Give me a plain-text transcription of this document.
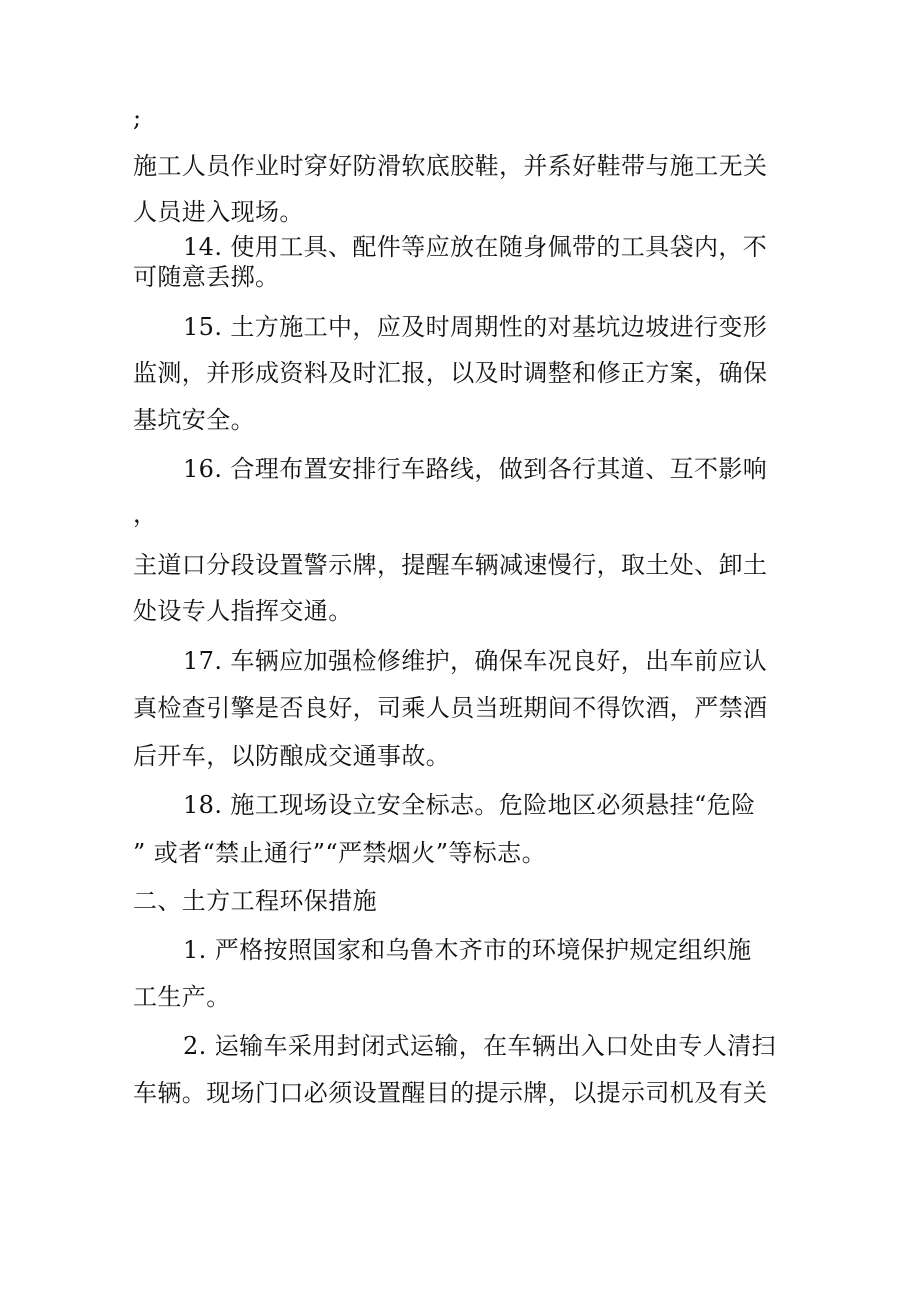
;
施工人员作业时穿好防滑软底胶鞋，并系好鞋带与施工无关
人员进入现场。
14. 使用工具、配件等应放在随身佩带的工具袋内，不
可随意丢掷。
15. 土方施工中，应及时周期性的对基坑边坡进行变形
监测，并形成资料及时汇报，以及时调整和修正方案，确保
基坑安全。
16. 合理布置安排行车路线，做到各行其道、互不影响
，
主道口分段设置警示牌，提醒车辆减速慢行，取土处、卸土
处设专人指挥交通。
17. 车辆应加强检修维护，确保车况良好，出车前应认
真检查引擎是否良好，司乘人员当班期间不得饮酒，严禁酒
后开车，以防酿成交通事故。
18. 施工现场设立安全标志。危险地区必须悬挂“危险
” 或者“禁止通行”“严禁烟火”等标志。
二、土方工程环保措施
1. 严格按照国家和乌鲁木齐市的环境保护规定组织施
工生产。
2. 运输车采用封闭式运输，在车辆出入口处由专人清扫
车辆。现场门口必须设置醒目的提示牌，以提示司机及有关
